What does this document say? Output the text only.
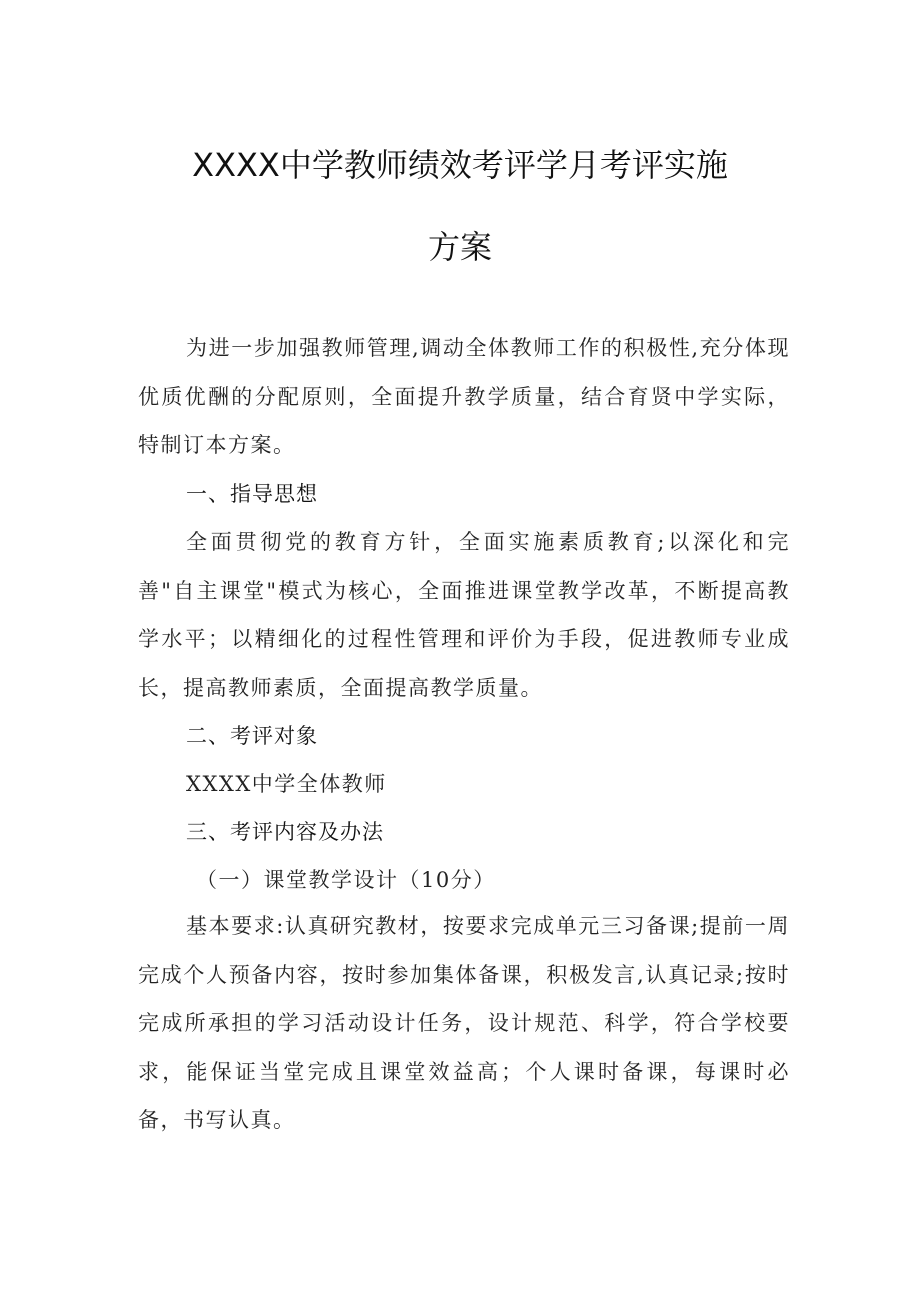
XXXX中学教师绩效考评学月考评实施
方案

为进一步加强教师管理,调动全体教师工作的积极性,充分体现优质优酬的分配原则，全面提升教学质量，结合育贤中学实际，特制订本方案。

一、指导思想

全面贯彻党的教育方针，全面实施素质教育;以深化和完善"自主课堂"模式为核心，全面推进课堂教学改革，不断提高教学水平；以精细化的过程性管理和评价为手段，促进教师专业成长，提高教师素质，全面提高教学质量。

二、考评对象
XXXX中学全体教师
三、考评内容及办法
（一）课堂教学设计（10分）

基本要求:认真研究教材，按要求完成单元三习备课;提前一周完成个人预备内容，按时参加集体备课，积极发言,认真记录;按时完成所承担的学习活动设计任务，设计规范、科学，符合学校要求，能保证当堂完成且课堂效益高；个人课时备课，每课时必备，书写认真。
